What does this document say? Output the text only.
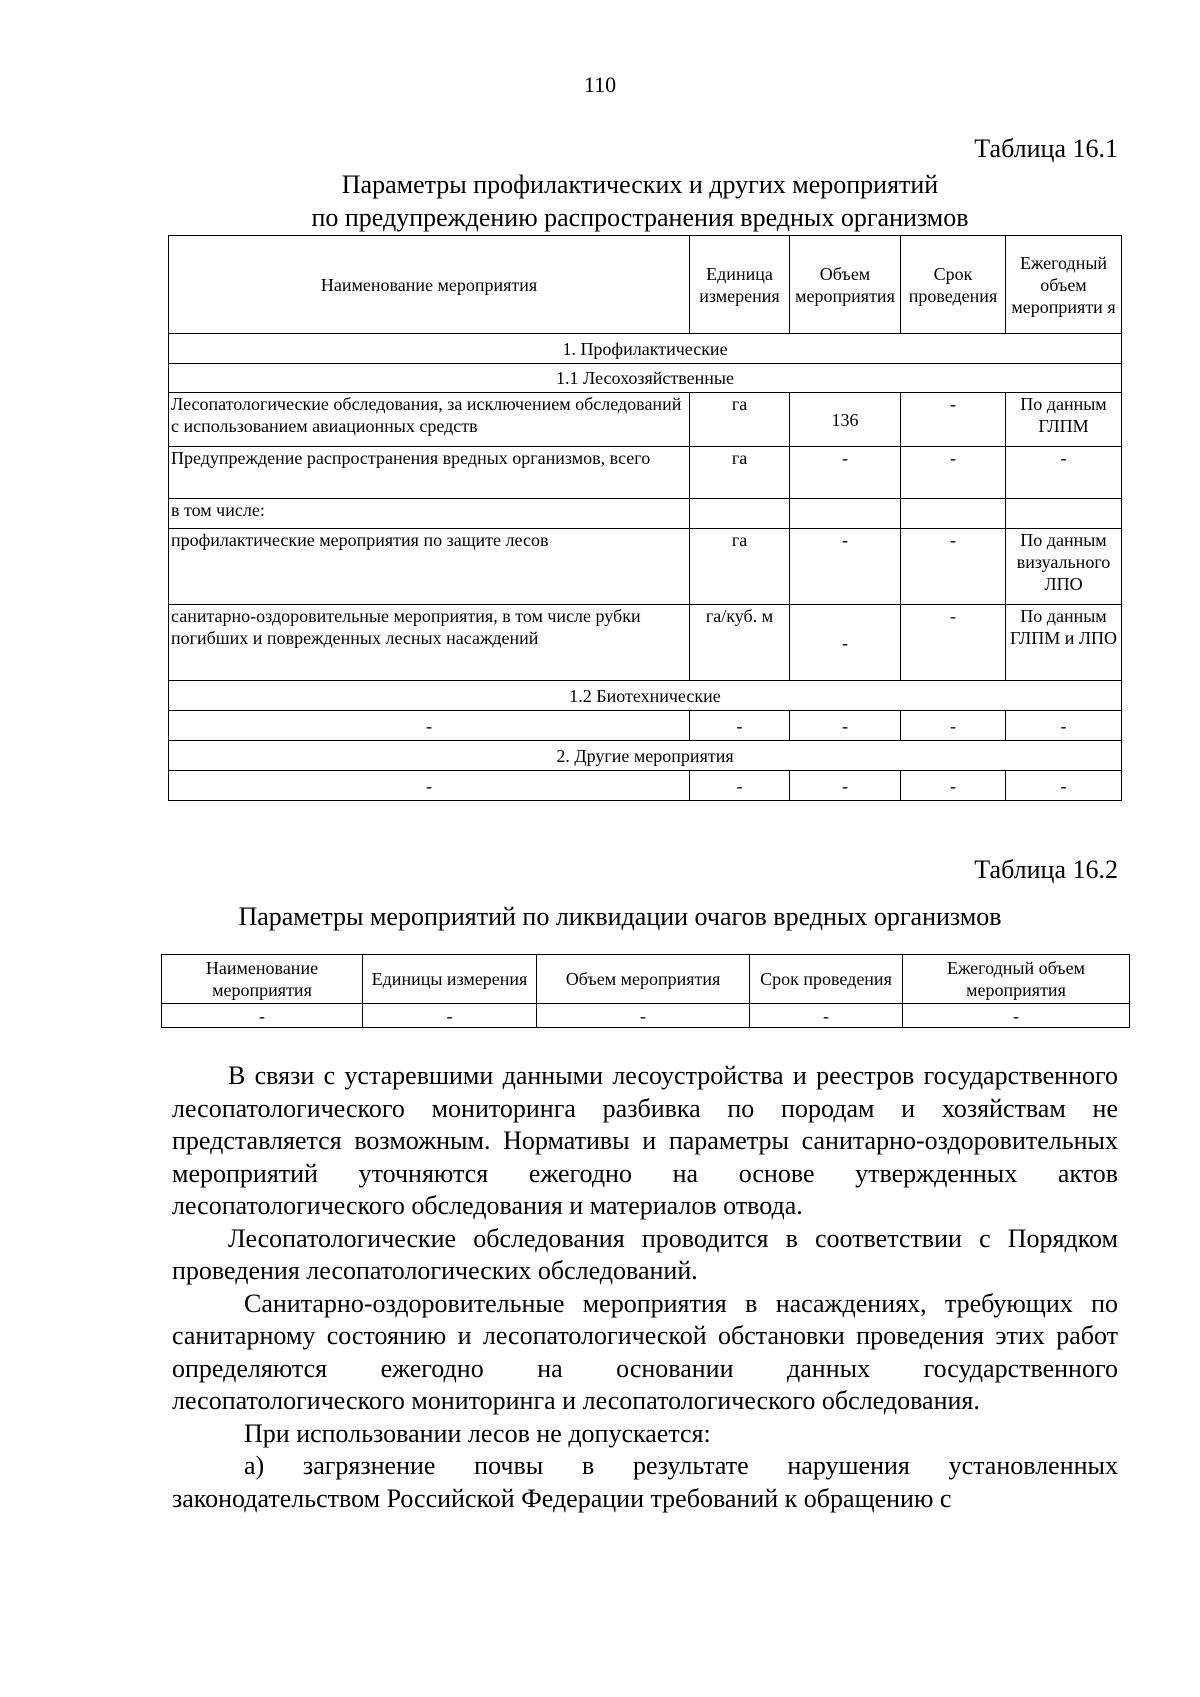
110
Таблица 16.1
Параметры профилактических и других мероприятий
по предупреждению распространения вредных организмов
Наименование мероприятия	Единица измерения	Объем мероприятия	Срок проведения	Ежегодный объем мероприяти я
1. Профилактические				
1.1 Лесохозяйственные				
Лесопатологические обследования, за исключением обследований с использованием авиационных средств	га	136	-	По данным ГЛПМ
Предупреждение распространения вредных организмов, всего	га	-	-	-
в том числе:				
профилактические мероприятия по защите лесов	га	-	-	По данным визуального ЛПО
санитарно-оздоровительные мероприятия, в том числе рубки погибших и поврежденных лесных насаждений	га/куб. м	-	-	По данным ГЛПМ и ЛПО
1.2 Биотехнические				
-	-	-	-	-
2. Другие мероприятия				
-	-	-	-	-
Таблица 16.2
Параметры мероприятий по ликвидации очагов вредных организмов
Наименование мероприятия	Единицы измерения	Объем мероприятия	Срок проведения	Ежегодный объем мероприятия
-	-	-	-	-

В связи с устаревшими данными лесоустройства и реестров государственного лесопатологического мониторинга разбивка по породам и хозяйствам не представляется возможным. Нормативы и параметры санитарно-оздоровительных мероприятий уточняются ежегодно на основе утвержденных актов лесопатологического обследования и материалов отвода.

Лесопатологические обследования проводится в соответствии с Порядком проведения лесопатологических обследований.

Санитарно-оздоровительные мероприятия в насаждениях, требующих по санитарному состоянию и лесопатологической обстановки проведения этих работ определяются ежегодно на основании данных государственного лесопатологического мониторинга и лесопатологического обследования.

При использовании лесов не допускается:

а) загрязнение почвы в результате нарушения установленных законодательством Российской Федерации требований к обращению с
